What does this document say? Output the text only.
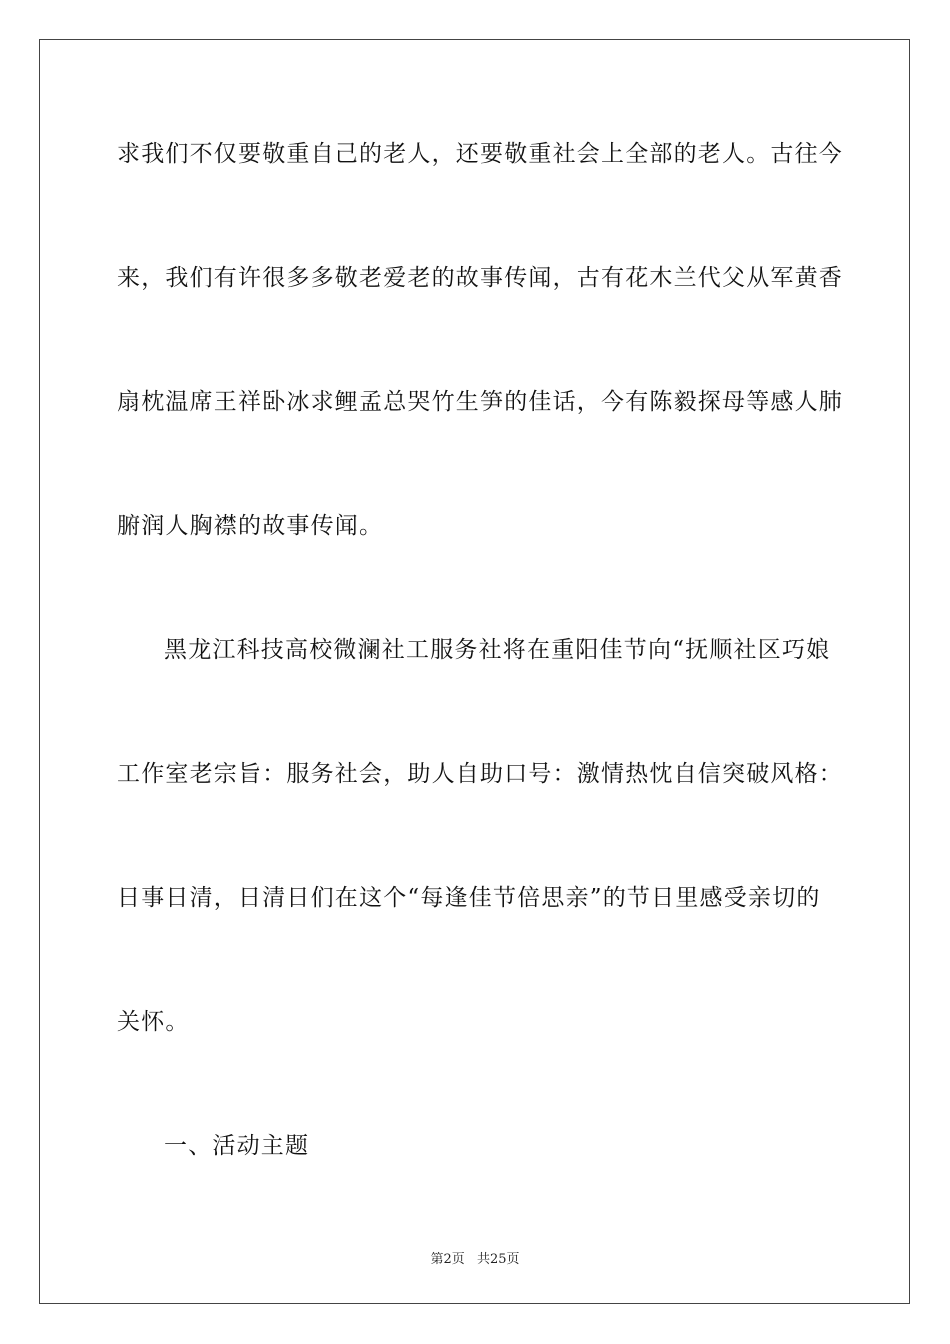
求我们不仅要敬重自己的老人，还要敬重社会上全部的老人。古往今
来，我们有许很多多敬老爱老的故事传闻，古有花木兰代父从军黄香
扇枕温席王祥卧冰求鲤孟总哭竹生笋的佳话，今有陈毅探母等感人肺
腑润人胸襟的故事传闻。
黑龙江科技高校微澜社工服务社将在重阳佳节向“抚顺社区巧娘
工作室老宗旨：服务社会，助人自助口号：激情热忱自信突破风格：
日事日清，日清日们在这个“每逢佳节倍思亲”的节日里感受亲切的
关怀。
一、活动主题
第2页 共25页
